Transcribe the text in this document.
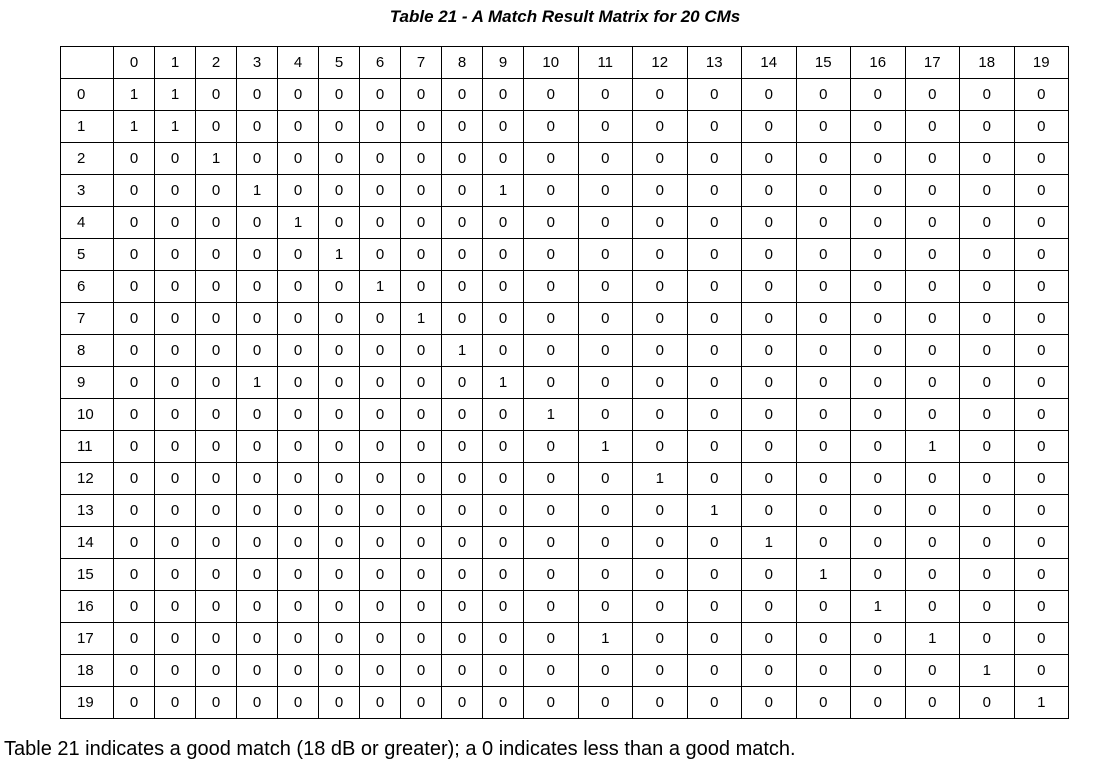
Table 21 - A Match Result Matrix for 20 CMs
	0	1	2	3	4	5	6	7	8	9	10	11	12	13	14	15	16	17	18	19
0	1	1	0	0	0	0	0	0	0	0	0	0	0	0	0	0	0	0	0	0
1	1	1	0	0	0	0	0	0	0	0	0	0	0	0	0	0	0	0	0	0
2	0	0	1	0	0	0	0	0	0	0	0	0	0	0	0	0	0	0	0	0
3	0	0	0	1	0	0	0	0	0	1	0	0	0	0	0	0	0	0	0	0
4	0	0	0	0	1	0	0	0	0	0	0	0	0	0	0	0	0	0	0	0
5	0	0	0	0	0	1	0	0	0	0	0	0	0	0	0	0	0	0	0	0
6	0	0	0	0	0	0	1	0	0	0	0	0	0	0	0	0	0	0	0	0
7	0	0	0	0	0	0	0	1	0	0	0	0	0	0	0	0	0	0	0	0
8	0	0	0	0	0	0	0	0	1	0	0	0	0	0	0	0	0	0	0	0
9	0	0	0	1	0	0	0	0	0	1	0	0	0	0	0	0	0	0	0	0
10	0	0	0	0	0	0	0	0	0	0	1	0	0	0	0	0	0	0	0	0
11	0	0	0	0	0	0	0	0	0	0	0	1	0	0	0	0	0	1	0	0
12	0	0	0	0	0	0	0	0	0	0	0	0	1	0	0	0	0	0	0	0
13	0	0	0	0	0	0	0	0	0	0	0	0	0	1	0	0	0	0	0	0
14	0	0	0	0	0	0	0	0	0	0	0	0	0	0	1	0	0	0	0	0
15	0	0	0	0	0	0	0	0	0	0	0	0	0	0	0	1	0	0	0	0
16	0	0	0	0	0	0	0	0	0	0	0	0	0	0	0	0	1	0	0	0
17	0	0	0	0	0	0	0	0	0	0	0	1	0	0	0	0	0	1	0	0
18	0	0	0	0	0	0	0	0	0	0	0	0	0	0	0	0	0	0	1	0
19	0	0	0	0	0	0	0	0	0	0	0	0	0	0	0	0	0	0	0	1
Table 21 indicates a good match (18 dB or greater); a 0 indicates less than a good match.
